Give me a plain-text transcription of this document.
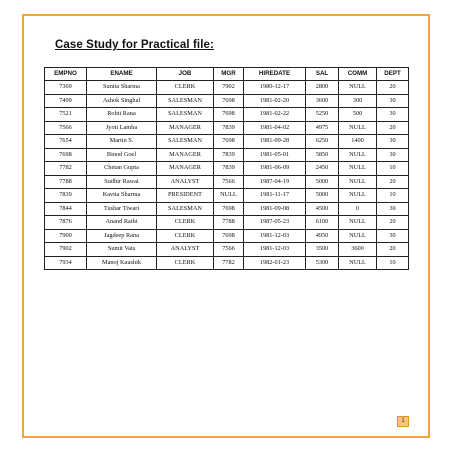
Case Study for Practical file:
EMPNO	ENAME	JOB	MGR	HIREDATE	SAL	COMM	DEPT
7369	Sunita Sharma	CLERK	7902	1980-12-17	2800	NULL	20
7499	Ashok Singhal	SALESMAN	7698	1981-02-20	3600	300	30
7521	Rohit Rana	SALESMAN	7698	1981-02-22	5250	500	30
7566	Jyoti Lamba	MANAGER	7839	1981-04-02	4975	NULL	20
7654	Martin S.	SALESMAN	7698	1981-09-28	6250	1400	30
7698	Binod Goel	MANAGER	7839	1981-05-01	5850	NULL	30
7782	Chetan Gupta	MANAGER	7839	1981-06-09	2450	NULL	10
7788	Sudhir Rawat	ANALYST	7566	1987-04-19	5000	NULL	20
7839	Kavita Sharma	PRESIDENT	NULL	1981-11-17	5000	NULL	10
7844	Tushar Tiwari	SALESMAN	7698	1981-09-08	4500	0	30
7876	Anand Rathi	CLERK	7788	1987-05-23	6100	NULL	20
7900	Jagdeep Rana	CLERK	7698	1981-12-03	4950	NULL	30
7902	Sumit Vats	ANALYST	7566	1981-12-03	3500	3600	20
7934	Manoj Kaushik	CLERK	7782	1982-01-23	5300	NULL	10
1
